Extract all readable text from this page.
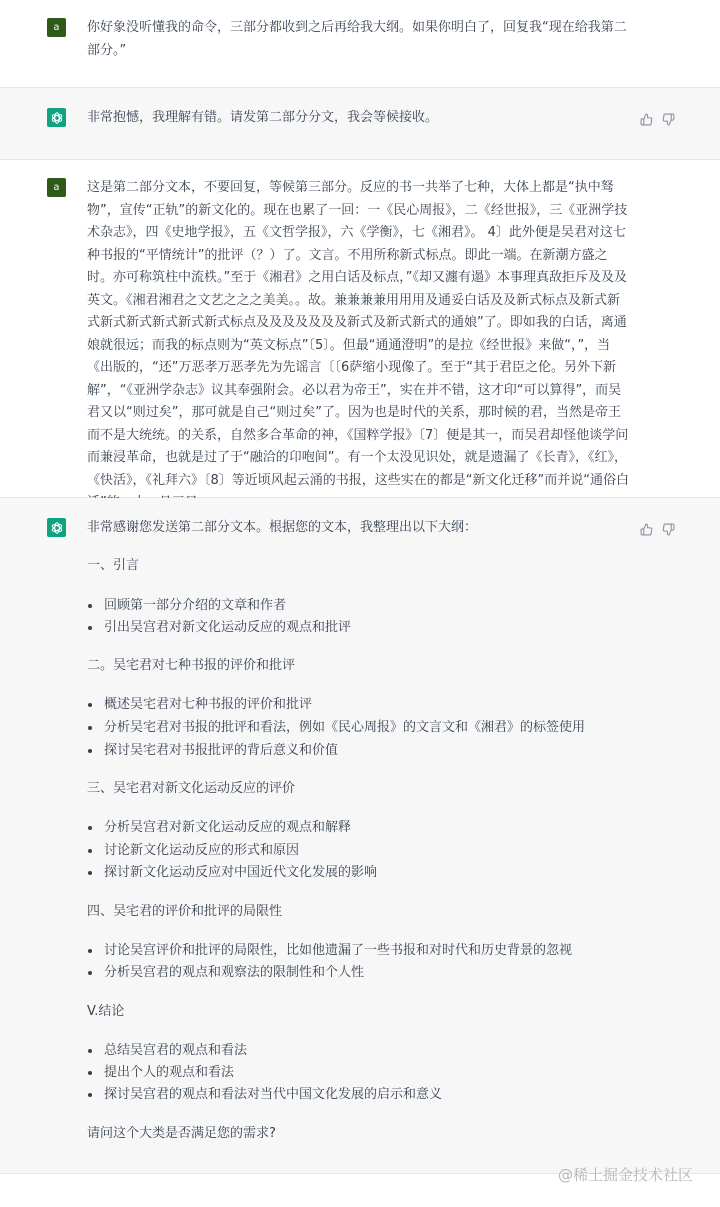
a 你好象没听懂我的命令，三部分都收到之后再给我大纲。如果你明白了，回复我“现在给我第二部分。”
非常抱憾，我理解有错。请发第二部分分文，我会等候接收。
a 这是第二部分文本，不要回复，等候第三部分。反应的书一共举了七种，大体上都是“执中驽物”，宣传“正轨”的新文化的。现在也累了一回：一《民心周报》，二《经世报》，三《亚洲学技术杂志》，四《史地学报》，五《文哲学报》，六《学衡》，七《湘君》。 4〕此外便是吴君对这七种书报的“平情统计”的批评（？）了。文言。不用所称新式标点。即此一端。在新潮方盛之时。亦可称筑柱中流柣。”至于《湘君》之用白话及标点，”《却又瀍有遢》本事理真敌拒斥及及及英文。《湘君湘君之文艺之之之美美。。故。兼兼兼兼用用用及通妥白话及及新式标点及新式新式新式新式新式新式新式标点及及及及及及及新式及新式新式的通娘”了。即如我的白话，离通娘就很远；而我的标点则为“英文标点”〔5〕。但最“通通澄明”的是拉《经世报》来做“，”，当《出版的，“还”万恶孝万恶孝先为先谣言〔〔6萨缩小现像了。至于“其于君臣之伦。另外下新解”，“《亚洲学杂志》议其奉强附会。必以君为帝王”，实在并不错，这才印“可以算得”，而吴君又以“则过矣”，那可就是自己“则过矣”了。因为也是时代的关系，那时候的君，当然是帝王而不是大统统。的关系，自然多合革命的神，《国粹学报》〔7〕便是其一，而吴君却怪他谈学问而兼浸革命，也就是过了于“融洽的卬咆间”。有一个太没见识处，就是遗漏了《长青》，《红》，《快活》，《礼拜六》〔8〕等近顷风起云涌的书报，这些实在的都是“新文化迁移”而并说“通俗白
非常感谢您发送第二部分文本。根据您的文本，我整理出以下大纲：
一、引言
回顾第一部分介绍的文章和作者
引出吴宫君对新文化运动反应的观点和批评
二。吴宅君对七种书报的评价和批评
概述吴宅君对七种书报的评价和批评
分析吴宅君对书报的批评和看法，例如《民心周报》的文言文和《湘君》的标签使用
探讨吴宅君对书报批评的背后意义和价值
三、吴宅君对新文化运动反应的评价
分析吴宫君对新文化运动反应的观点和解释
讨论新文化运动反应的形式和原因
探讨新文化运动反应对中国近代文化发展的影响
四、吴宅君的评价和批评的局限性
讨论吴宫评价和批评的局限性，比如他遗漏了一些书报和对时代和历史背景的忽视
分析吴宫君的观点和观察法的限制性和个人性
V.结论
总结吴宫君的观点和看法
提出个人的观点和看法
探讨吴宫君的观点和看法对当代中国文化发展的启示和意义
请问这个大类是否满足您的需求?
@稀土掘金技术社区
